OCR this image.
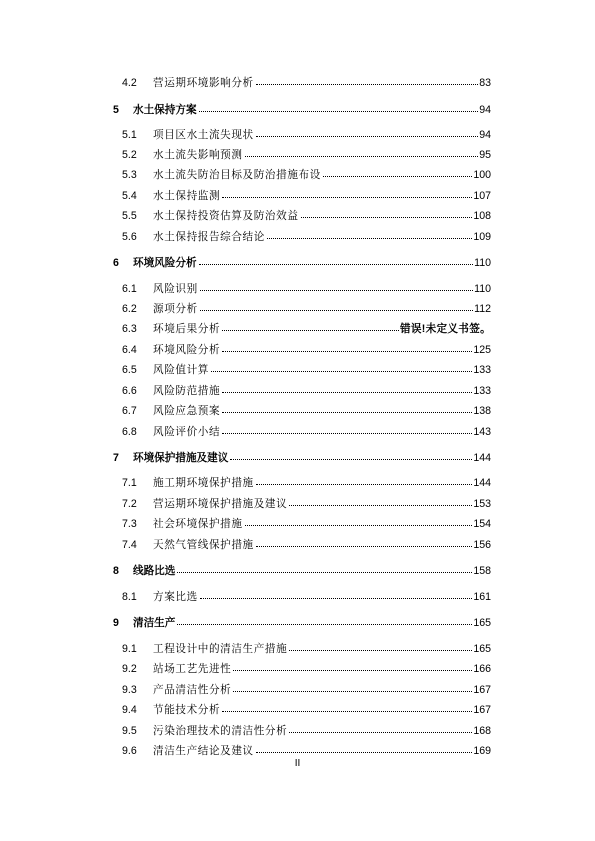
4.2	营运期环境影响分析	83
5	水土保持方案	94
5.1	项目区水土流失现状	94
5.2	水土流失影响预测	95
5.3	水土流失防治目标及防治措施布设	100
5.4	水土保持监测	107
5.5	水土保持投资估算及防治效益	108
5.6	水土保持报告综合结论	109
6	环境风险分析	110
6.1	风险识别	110
6.2	源项分析	112
6.3	环境后果分析	错误!未定义书签。
6.4	环境风险分析	125
6.5	风险值计算	133
6.6	风险防范措施	133
6.7	风险应急预案	138
6.8	风险评价小结	143
7	环境保护措施及建议	144
7.1	施工期环境保护措施	144
7.2	营运期环境保护措施及建议	153
7.3	社会环境保护措施	154
7.4	天然气管线保护措施	156
8	线路比选	158
8.1	方案比选	161
9	清洁生产	165
9.1	工程设计中的清洁生产措施	165
9.2	站场工艺先进性	166
9.3	产品清洁性分析	167
9.4	节能技术分析	167
9.5	污染治理技术的清洁性分析	168
9.6	清洁生产结论及建议	169
II
